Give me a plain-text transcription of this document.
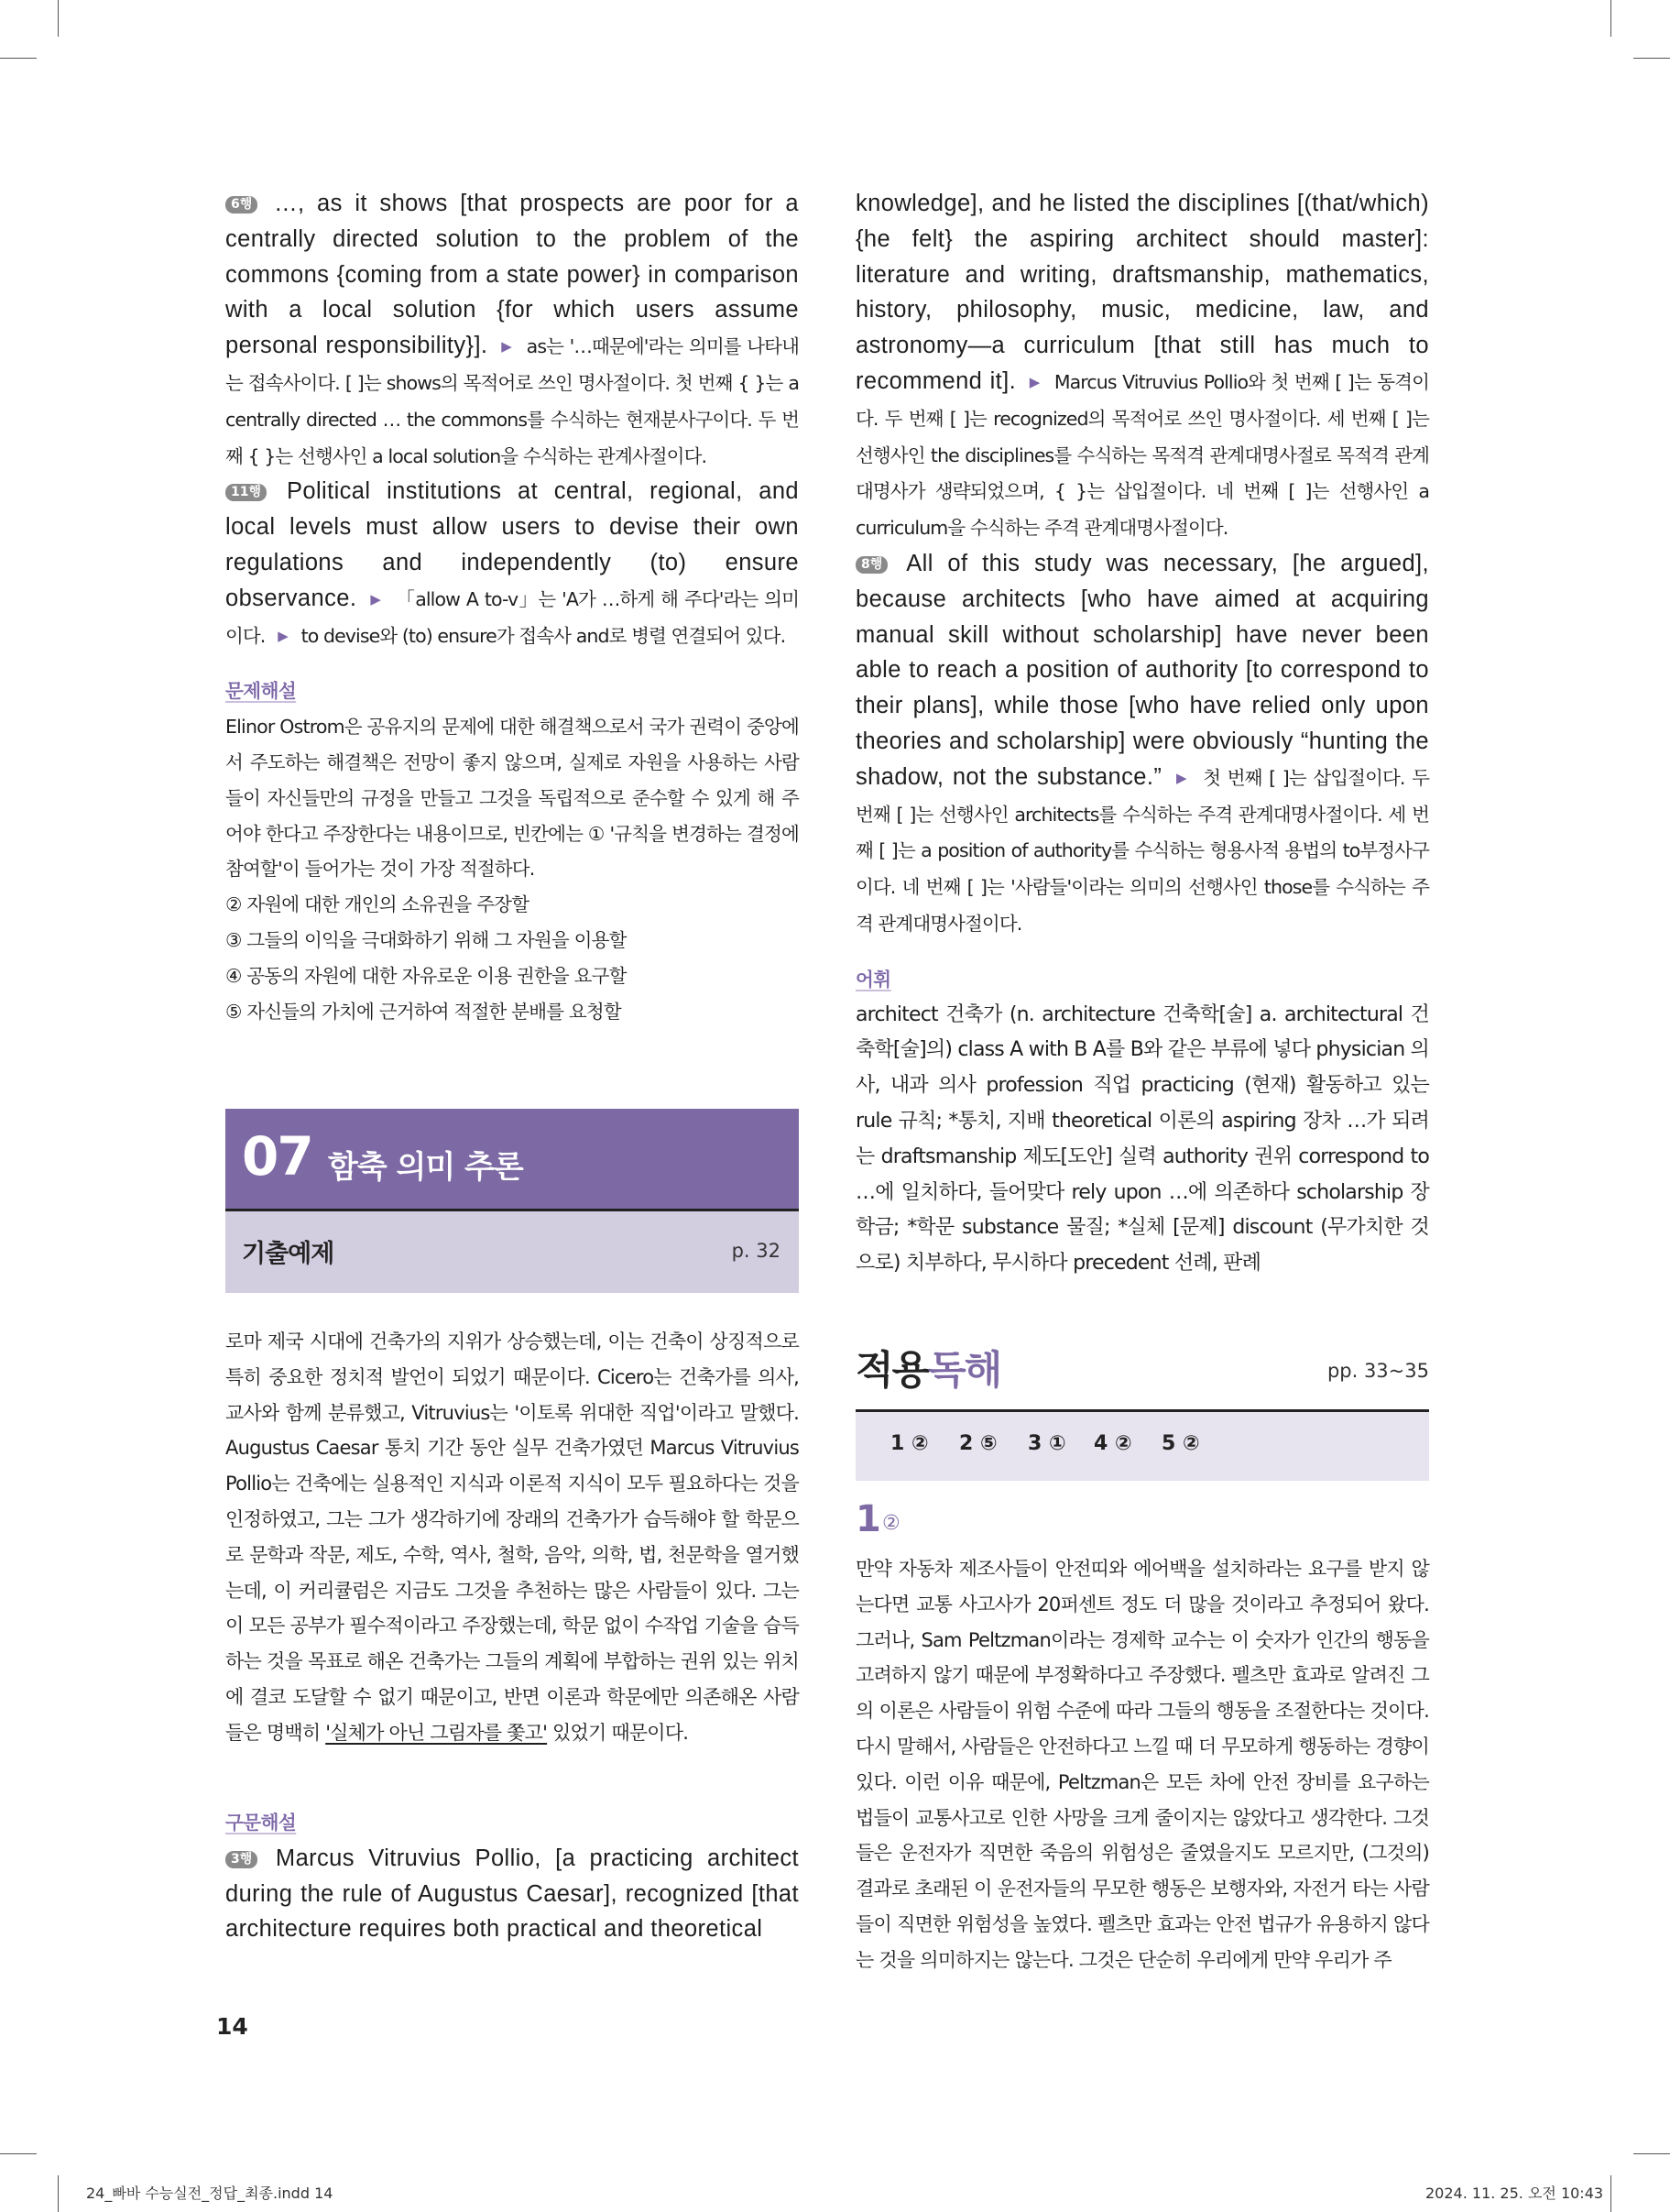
6행 …, as it shows [that prospects are poor for a centrally directed solution to the problem of the commons {coming from a state power} in comparison with a local solution {for which users assume personal responsibility}]. ▶ as는 '…때문에'라는 의미를 나타내는 접속사이다. [ ]는 shows의 목적어로 쓰인 명사절이다. 첫 번째 { }는 a centrally directed … the commons를 수식하는 현재분사구이다. 두 번째 { }는 선행사인 a local solution을 수식하는 관계사절이다.

11행 Political institutions at central, regional, and local levels must allow users to devise their own regulations and independently (to) ensure observance. ▶ 「allow A to-v」는 'A가 …하게 해 주다'라는 의미이다. ▶ to devise와 (to) ensure가 접속사 and로 병렬 연결되어 있다.

문제해설

Elinor Ostrom은 공유지의 문제에 대한 해결책으로서 국가 권력이 중앙에서 주도하는 해결책은 전망이 좋지 않으며, 실제로 자원을 사용하는 사람들이 자신들만의 규정을 만들고 그것을 독립적으로 준수할 수 있게 해 주어야 한다고 주장한다는 내용이므로, 빈칸에는 ① '규칙을 변경하는 결정에 참여할'이 들어가는 것이 가장 적절하다.

② 자원에 대한 개인의 소유권을 주장할
③ 그들의 이익을 극대화하기 위해 그 자원을 이용할
④ 공동의 자원에 대한 자유로운 이용 권한을 요구할
⑤ 자신들의 가치에 근거하여 적절한 분배를 요청할
07 함축 의미 추론
기출예제	p. 32

로마 제국 시대에 건축가의 지위가 상승했는데, 이는 건축이 상징적으로 특히 중요한 정치적 발언이 되었기 때문이다. Cicero는 건축가를 의사, 교사와 함께 분류했고, Vitruvius는 '이토록 위대한 직업'이라고 말했다. Augustus Caesar 통치 기간 동안 실무 건축가였던 Marcus Vitruvius Pollio는 건축에는 실용적인 지식과 이론적 지식이 모두 필요하다는 것을 인정하였고, 그는 그가 생각하기에 장래의 건축가가 습득해야 할 학문으로 문학과 작문, 제도, 수학, 역사, 철학, 음악, 의학, 법, 천문학을 열거했는데, 이 커리큘럼은 지금도 그것을 추천하는 많은 사람들이 있다. 그는 이 모든 공부가 필수적이라고 주장했는데, 학문 없이 수작업 기술을 습득하는 것을 목표로 해온 건축가는 그들의 계획에 부합하는 권위 있는 위치에 결코 도달할 수 없기 때문이고, 반면 이론과 학문에만 의존해온 사람들은 명백히 '실체가 아닌 그림자를 쫓고' 있었기 때문이다.

구문해설

3행 Marcus Vitruvius Pollio, [a practicing architect during the rule of Augustus Caesar], recognized [that architecture requires both practical and theoretical

knowledge], and he listed the disciplines [(that/which) {he felt} the aspiring architect should master]: literature and writing, draftsmanship, mathematics, history, philosophy, music, medicine, law, and astronomy—a curriculum [that still has much to recommend it]. ▶ Marcus Vitruvius Pollio와 첫 번째 [ ]는 동격이다. 두 번째 [ ]는 recognized의 목적어로 쓰인 명사절이다. 세 번째 [ ]는 선행사인 the disciplines를 수식하는 목적격 관계대명사절로 목적격 관계대명사가 생략되었으며, { }는 삽입절이다. 네 번째 [ ]는 선행사인 a curriculum을 수식하는 주격 관계대명사절이다.

8행 All of this study was necessary, [he argued], because architects [who have aimed at acquiring manual skill without scholarship] have never been able to reach a position of authority [to correspond to their plans], while those [who have relied only upon theories and scholarship] were obviously “hunting the shadow, not the substance.” ▶ 첫 번째 [ ]는 삽입절이다. 두 번째 [ ]는 선행사인 architects를 수식하는 주격 관계대명사절이다. 세 번째 [ ]는 a position of authority를 수식하는 형용사적 용법의 to부정사구이다. 네 번째 [ ]는 '사람들'이라는 의미의 선행사인 those를 수식하는 주격 관계대명사절이다.

어휘

architect 건축가 (n. architecture 건축학[술] a. architectural 건축학[술]의) class A with B A를 B와 같은 부류에 넣다 physician 의사, 내과 의사 profession 직업 practicing (현재) 활동하고 있는 rule 규칙; *통치, 지배 theoretical 이론의 aspiring 장차 …가 되려는 draftsmanship 제도[도안] 실력 authority 권위 correspond to …에 일치하다, 들어맞다 rely upon …에 의존하다 scholarship 장학금; *학문 substance 물질; *실체 [문제] discount (무가치한 것으로) 치부하다, 무시하다 precedent 선례, 판례

적용독해	pp. 33~35
1 ② 2 ⑤ 3 ① 4 ② 5 ②
1 ②

만약 자동차 제조사들이 안전띠와 에어백을 설치하라는 요구를 받지 않는다면 교통 사고사가 20퍼센트 정도 더 많을 것이라고 추정되어 왔다. 그러나, Sam Peltzman이라는 경제학 교수는 이 숫자가 인간의 행동을 고려하지 않기 때문에 부정확하다고 주장했다. 펠츠만 효과로 알려진 그의 이론은 사람들이 위험 수준에 따라 그들의 행동을 조절한다는 것이다. 다시 말해서, 사람들은 안전하다고 느낄 때 더 무모하게 행동하는 경향이 있다. 이런 이유 때문에, Peltzman은 모든 차에 안전 장비를 요구하는 법들이 교통사고로 인한 사망을 크게 줄이지는 않았다고 생각한다. 그것들은 운전자가 직면한 죽음의 위험성은 줄였을지도 모르지만, (그것의) 결과로 초래된 이 운전자들의 무모한 행동은 보행자와, 자전거 타는 사람들이 직면한 위험성을 높였다. 펠츠만 효과는 안전 법규가 유용하지 않다는 것을 의미하지는 않는다. 그것은 단순히 우리에게 만약 우리가 주

14
24_빠바 수능실전_정답_최종.indd 14	2024. 11. 25. 오전 10:43
